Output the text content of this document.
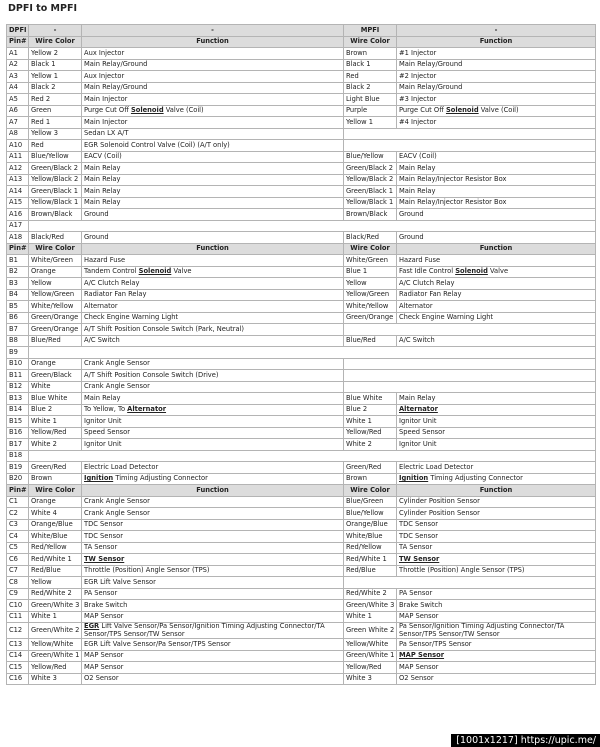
DPFI to MPFI
DPFI	-	-	MPFI	-
Pin#	Wire Color	Function	Wire Color	Function
A1	Yellow 2	Aux Injector	Brown	#1 Injector
A2	Black 1	Main Relay/Ground	Black 1	Main Relay/Ground
A3	Yellow 1	Aux Injector	Red	#2 Injector
A4	Black 2	Main Relay/Ground	Black 2	Main Relay/Ground
A5	Red 2	Main Injector	Light Blue	#3 Injector
A6	Green	Purge Cut Off Solenoid Valve (Coil)	Purple	Purge Cut Off Solenoid Valve (Coil)
A7	Red 1	Main Injector	Yellow 1	#4 Injector
A8	Yellow 3	Sedan LX A/T		
A10	Red	EGR Solenoid Control Valve (Coil) (A/T only)		
A11	Blue/Yellow	EACV (Coil)	Blue/Yellow	EACV (Coil)
A12	Green/Black 2	Main Relay	Green/Black 2	Main Relay
A13	Yellow/Black 2	Main Relay	Yellow/Black 2	Main Relay/Injector Resistor Box
A14	Green/Black 1	Main Relay	Green/Black 1	Main Relay
A15	Yellow/Black 1	Main Relay	Yellow/Black 1	Main Relay/Injector Resistor Box
A16	Brown/Black	Ground	Brown/Black	Ground
A17				
A18	Black/Red	Ground	Black/Red	Ground
Pin#	Wire Color	Function	Wire Color	Function
B1	White/Green	Hazard Fuse	White/Green	Hazard Fuse
B2	Orange	Tandem Control Solenoid Valve	Blue 1	Fast Idle Control Solenoid Valve
B3	Yellow	A/C Clutch Relay	Yellow	A/C Clutch Relay
B4	Yellow/Green	Radiator Fan Relay	Yellow/Green	Radiator Fan Relay
B5	White/Yellow	Alternator	White/Yellow	Alternator
B6	Green/Orange	Check Engine Warning Light	Green/Orange	Check Engine Warning Light
B7	Green/Orange	A/T Shift Position Console Switch (Park, Neutral)		
B8	Blue/Red	A/C Switch	Blue/Red	A/C Switch
B9				
B10	Orange	Crank Angle Sensor		
B11	Green/Black	A/T Shift Position Console Switch (Drive)		
B12	White	Crank Angle Sensor		
B13	Blue White	Main Relay	Blue White	Main Relay
B14	Blue 2	To Yellow, To Alternator	Blue 2	Alternator
B15	White 1	Ignitor Unit	White 1	Ignitor Unit
B16	Yellow/Red	Speed Sensor	Yellow/Red	Speed Sensor
B17	White 2	Ignitor Unit	White 2	Ignitor Unit
B18				
B19	Green/Red	Electric Load Detector	Green/Red	Electric Load Detector
B20	Brown	Ignition Timing Adjusting Connector	Brown	Ignition Timing Adjusting Connector
Pin#	Wire Color	Function	Wire Color	Function
C1	Orange	Crank Angle Sensor	Blue/Green	Cylinder Position Sensor
C2	White 4	Crank Angle Sensor	Blue/Yellow	Cylinder Position Sensor
C3	Orange/Blue	TDC Sensor	Orange/Blue	TDC Sensor
C4	White/Blue	TDC Sensor	White/Blue	TDC Sensor
C5	Red/Yellow	TA Sensor	Red/Yellow	TA Sensor
C6	Red/White 1	TW Sensor	Red/White 1	TW Sensor
C7	Red/Blue	Throttle (Position) Angle Sensor (TPS)	Red/Blue	Throttle (Position) Angle Sensor (TPS)
C8	Yellow	EGR Lift Valve Sensor		
C9	Red/White 2	PA Sensor	Red/White 2	PA Sensor
C10	Green/White 3	Brake Switch	Green/White 3	Brake Switch
C11	White 1	MAP Sensor	White 1	MAP Sensor
C12	Green/White 2	EGR Lift Valve Sensor/Pa Sensor/Ignition Timing Adjusting Connector/TA Sensor/TPS Sensor/TW Sensor	Green White 2	Pa Sensor/Ignition Timing Adjusting Connector/TA Sensor/TPS Sensor/TW Sensor
C13	Yellow/White	EGR Lift Valve Sensor/Pa Sensor/TPS Sensor	Yellow/White	Pa Sensor/TPS Sensor
C14	Green/White 1	MAP Sensor	Green/White 1	MAP Sensor
C15	Yellow/Red	MAP Sensor	Yellow/Red	MAP Sensor
C16	White 3	O2 Sensor	White 3	O2 Sensor
[1001x1217] https://upic.me/
